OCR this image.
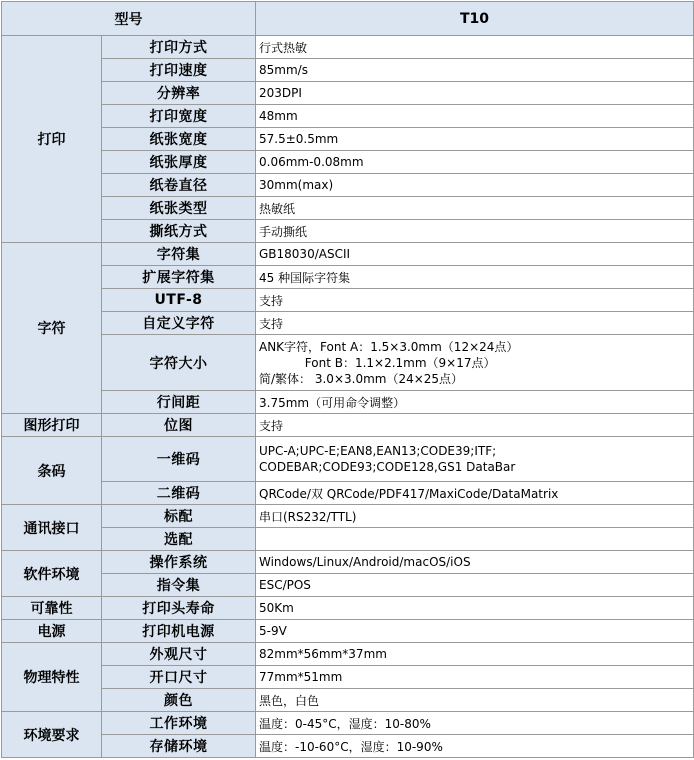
型号		T10
打印	打印方式	行式热敏
	打印速度	85mm/s
	分辨率	203DPI
	打印宽度	48mm
	纸张宽度	57.5±0.5mm
	纸张厚度	0.06mm-0.08mm
	纸卷直径	30mm(max)
	纸张类型	热敏纸
	撕纸方式	手动撕纸
字符	字符集	GB18030/ASCII
	扩展字符集	45 种国际字符集
	UTF-8	支持
	自定义字符	支持
	字符大小	ANK字符，Font A：1.5×3.0mm（12×24点）
Font B：1.1×2.1mm（9×17点）
简/繁体： 3.0×3.0mm（24×25点）

	行间距	3.75mm（可用命令调整）
图形打印	位图	支持
条码	一维码	UPC-A;UPC-E;EAN8,EAN13;CODE39;ITF;
CODEBAR;CODE93;CODE128,GS1 DataBar

	二维码	QRCode/双 QRCode/PDF417/MaxiCode/DataMatrix
通讯接口	标配	串口(RS232/TTL)
	选配	
软件环境	操作系统	Windows/Linux/Android/macOS/iOS
	指令集	ESC/POS
可靠性	打印头寿命	50Km
电源	打印机电源	5-9V
物理特性	外观尺寸	82mm*56mm*37mm
	开口尺寸	77mm*51mm
	颜色	黑色，白色
环境要求	工作环境	温度：0-45°C，湿度：10-80%
	存储环境	温度：-10-60°C，湿度：10-90%
